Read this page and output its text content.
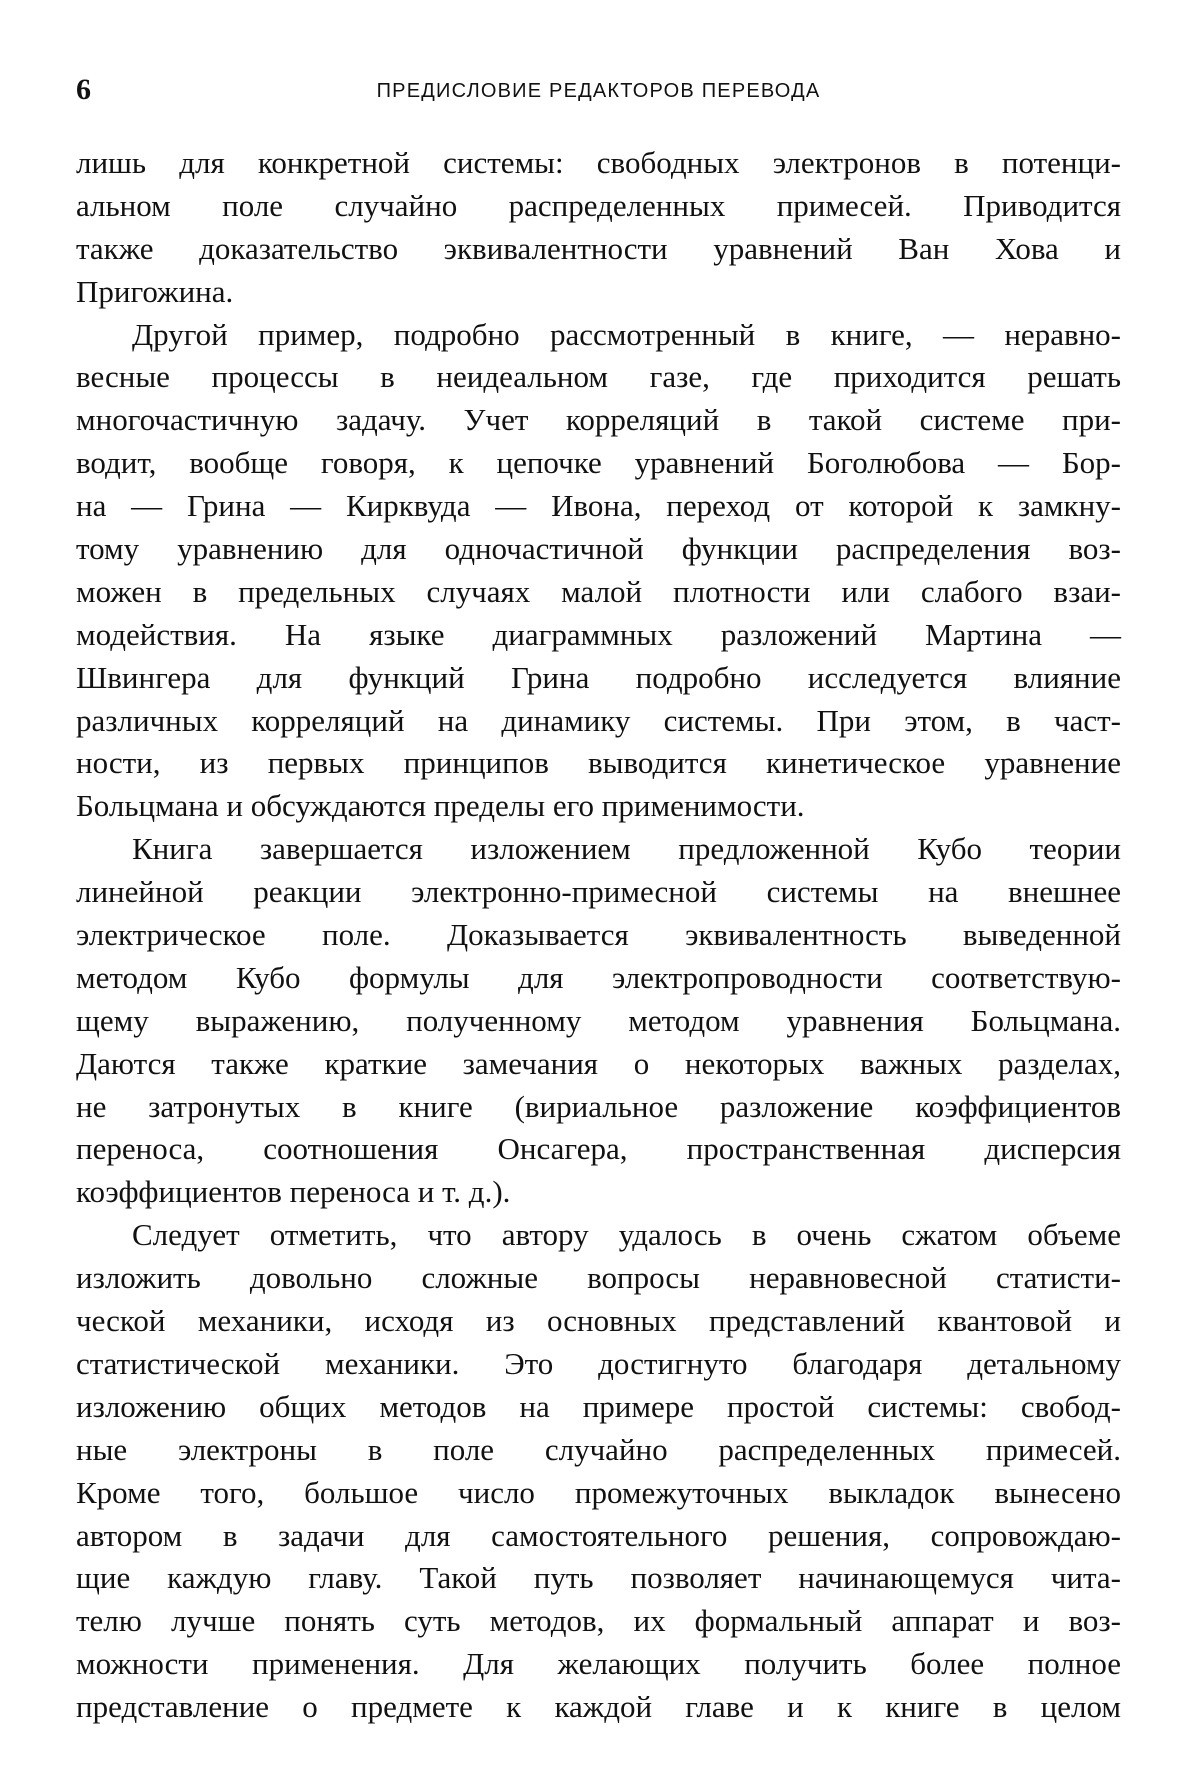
6	ПРЕДИСЛОВИЕ РЕДАКТОРОВ ПЕРЕВОДА
лишь для конкретной системы: свободных электронов в потенци-
альном поле случайно распределенных примесей. Приводится
также доказательство эквивалентности уравнений Ван Хова и
Пригожина.
Другой пример, подробно рассмотренный в книге, — неравно-
весные процессы в неидеальном газе, где приходится решать
многочастичную задачу. Учет корреляций в такой системе при-
водит, вообще говоря, к цепочке уравнений Боголюбова — Бор-
на — Грина — Кирквуда — Ивона, переход от которой к замкну-
тому уравнению для одночастичной функции распределения воз-
можен в предельных случаях малой плотности или слабого взаи-
модействия. На языке диаграммных разложений Мартина —
Швингера для функций Грина подробно исследуется влияние
различных корреляций на динамику системы. При этом, в част-
ности, из первых принципов выводится кинетическое уравнение
Больцмана и обсуждаются пределы его применимости.
Книга завершается изложением предложенной Кубо теории
линейной реакции электронно-примесной системы на внешнее
электрическое поле. Доказывается эквивалентность выведенной
методом Кубо формулы для электропроводности соответствую-
щему выражению, полученному методом уравнения Больцмана.
Даются также краткие замечания о некоторых важных разделах,
не затронутых в книге (вириальное разложение коэффициентов
переноса, соотношения Онсагера, пространственная дисперсия
коэффициентов переноса и т. д.).
Следует отметить, что автору удалось в очень сжатом объеме
изложить довольно сложные вопросы неравновесной статисти-
ческой механики, исходя из основных представлений квантовой и
статистической механики. Это достигнуто благодаря детальному
изложению общих методов на примере простой системы: свобод-
ные электроны в поле случайно распределенных примесей.
Кроме того, большое число промежуточных выкладок вынесено
автором в задачи для самостоятельного решения, сопровождаю-
щие каждую главу. Такой путь позволяет начинающемуся чита-
телю лучше понять суть методов, их формальный аппарат и воз-
можности применения. Для желающих получить более полное
представление о предмете к каждой главе и к книге в целом
